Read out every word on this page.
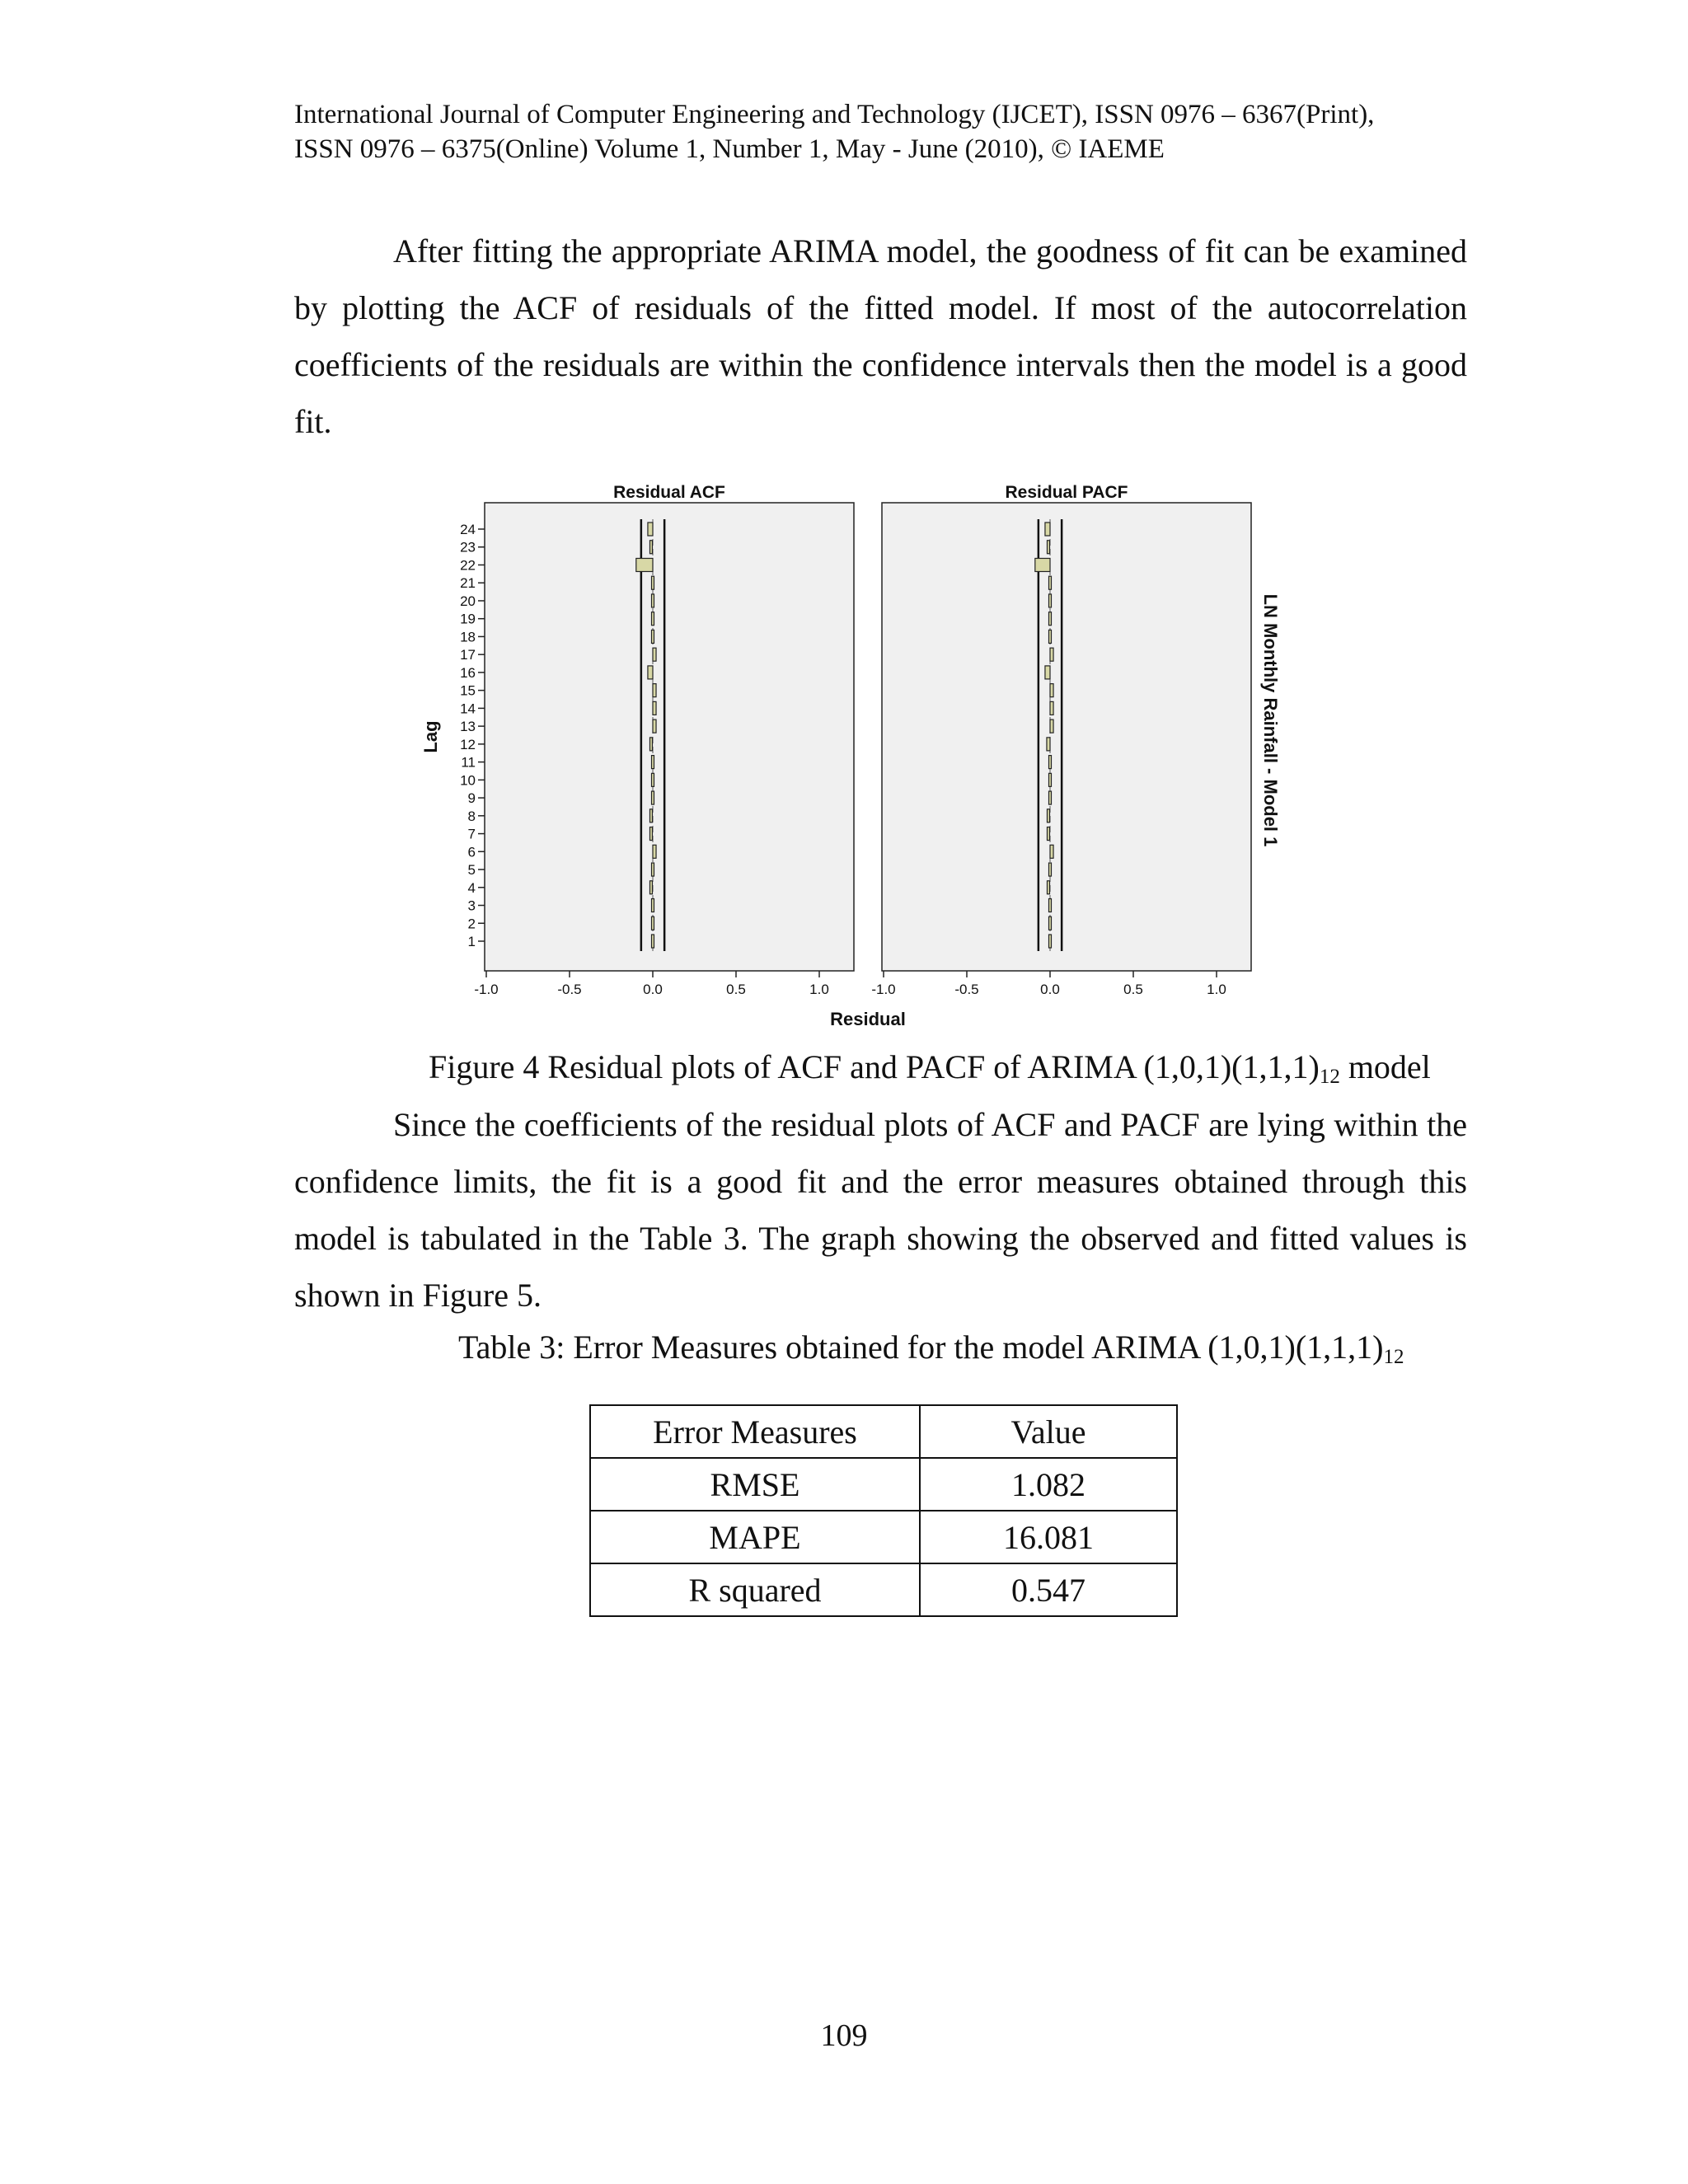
International Journal of Computer Engineering and Technology (IJCET), ISSN 0976 – 6367(Print),
ISSN 0976 – 6375(Online) Volume 1, Number 1, May - June (2010), © IAEME

After fitting the appropriate ARIMA model, the goodness of fit can be examined by plotting the ACF of residuals of the fitted model. If most of the autocorrelation coefficients of the residuals are within the confidence intervals then the model is a good fit.

Residual ACF
-1.0	-0.5	0.0	0.5	1.0
Residual PACF
-1.0	-0.5	0.0	0.5	1.0
1
2
3
4
5
6
7
8
9
10
11
12
13
14
15
16
17
18
19
20
21
22
23
24
Lag
Residual
LN Monthly Rainfall - Model 1
Figure 4 Residual plots of ACF and PACF of ARIMA $(1,0,1)(1,1,1)_{12}$ model

Since the coefficients of the residual plots of ACF and PACF are lying within the confidence limits, the fit is a good fit and the error measures obtained through this model is tabulated in the Table 3. The graph showing the observed and fitted values is shown in Figure 5.

Table 3: Error Measures obtained for the model ARIMA $(1,0,1)(1,1,1)_{12}$
Error Measures	Value
RMSE	1.082
MAPE	16.081
R squared	0.547
109
